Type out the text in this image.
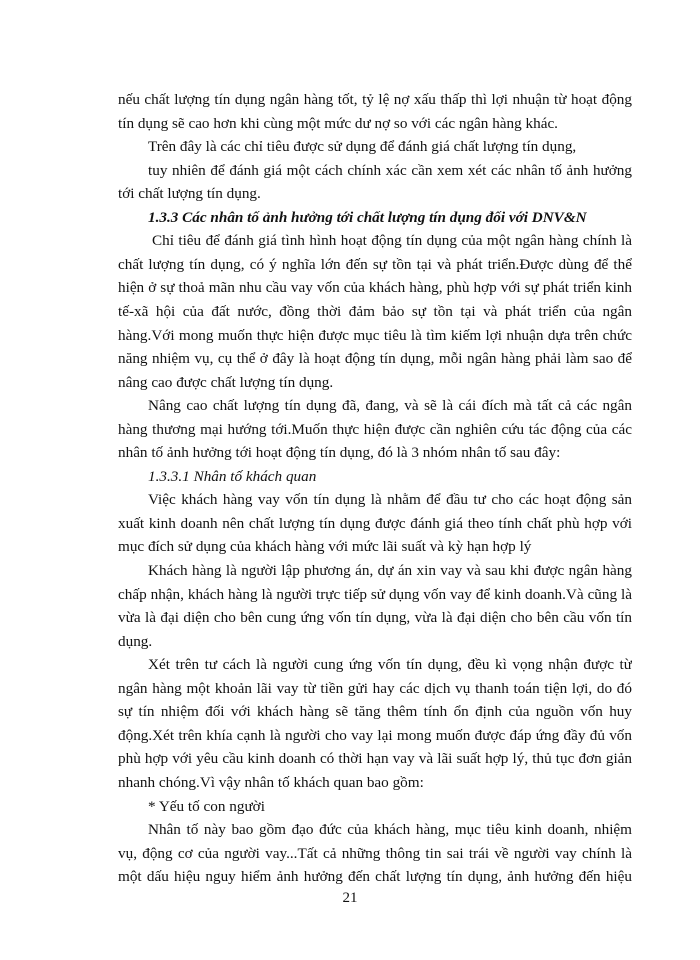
nếu chất lượng tín dụng ngân hàng tốt, tỷ lệ nợ xấu thấp thì lợi nhuận từ hoạt động
tín dụng sẽ cao hơn khi cùng một mức dư nợ so với các ngân hàng khác.
Trên đây là các chỉ tiêu được sử dụng để đánh giá chất lượng tín dụng,
tuy nhiên để đánh giá một cách chính xác cần xem xét các nhân tố ảnh hưởng
tới chất lượng tín dụng.
1.3.3 Các nhân tố ảnh hưởng tới chất lượng tín dụng đối với DNV&N
Chỉ tiêu để đánh giá tình hình hoạt động tín dụng của một ngân hàng chính là
chất lượng tín dụng, có ý nghĩa lớn đến sự tồn tại và phát triển.Được dùng để thể
hiện ở sự thoả mãn nhu cầu vay vốn của khách hàng, phù hợp với sự phát triển kinh
tế-xã hội của đất nước, đồng thời đảm bảo sự tồn tại và phát triển của ngân
hàng.Với mong muốn thực hiện được mục tiêu là tìm kiếm lợi nhuận dựa trên chức
năng nhiệm vụ, cụ thể ở đây là hoạt động tín dụng, mỗi ngân hàng phải làm sao để
nâng cao được chất lượng tín dụng.
Nâng cao chất lượng tín dụng đã, đang, và sẽ là cái đích mà tất cả các ngân
hàng thương mại hướng tới.Muốn thực hiện được cần nghiên cứu tác động của các
nhân tố ảnh hưởng tới hoạt động tín dụng, đó là 3 nhóm nhân tố sau đây:
1.3.3.1 Nhân tố khách quan
Việc khách hàng vay vốn tín dụng là nhằm để đầu tư cho các hoạt động sản
xuất kinh doanh nên chất lượng tín dụng được đánh giá theo tính chất phù hợp với
mục đích sử dụng của khách hàng với mức lãi suất và kỳ hạn hợp lý
Khách hàng là người lập phương án, dự án xin vay và sau khi được ngân hàng
chấp nhận, khách hàng là người trực tiếp sử dụng vốn vay để kinh doanh.Và cũng là
vừa là đại diện cho bên cung ứng vốn tín dụng, vừa là đại diện cho bên cầu vốn tín
dụng.
Xét trên tư cách là người cung ứng vốn tín dụng, đều kì vọng nhận được từ
ngân hàng một khoản lãi vay từ tiền gửi hay các dịch vụ thanh toán tiện lợi, do đó
sự tín nhiệm đối với khách hàng sẽ tăng thêm tính ổn định của nguồn vốn huy
động.Xét trên khía cạnh là người cho vay lại mong muốn được đáp ứng đầy đủ vốn
phù hợp với yêu cầu kinh doanh có thời hạn vay và lãi suất hợp lý, thủ tục đơn giản
nhanh chóng.Vì vậy nhân tố khách quan bao gồm:
* Yếu tố con người
Nhân tố này bao gồm đạo đức của khách hàng, mục tiêu kinh doanh, nhiệm
vụ, động cơ của người vay...Tất cả những thông tin sai trái về người vay chính là
một dấu hiệu nguy hiểm ảnh hưởng đến chất lượng tín dụng, ảnh hưởng đến hiệu
21
